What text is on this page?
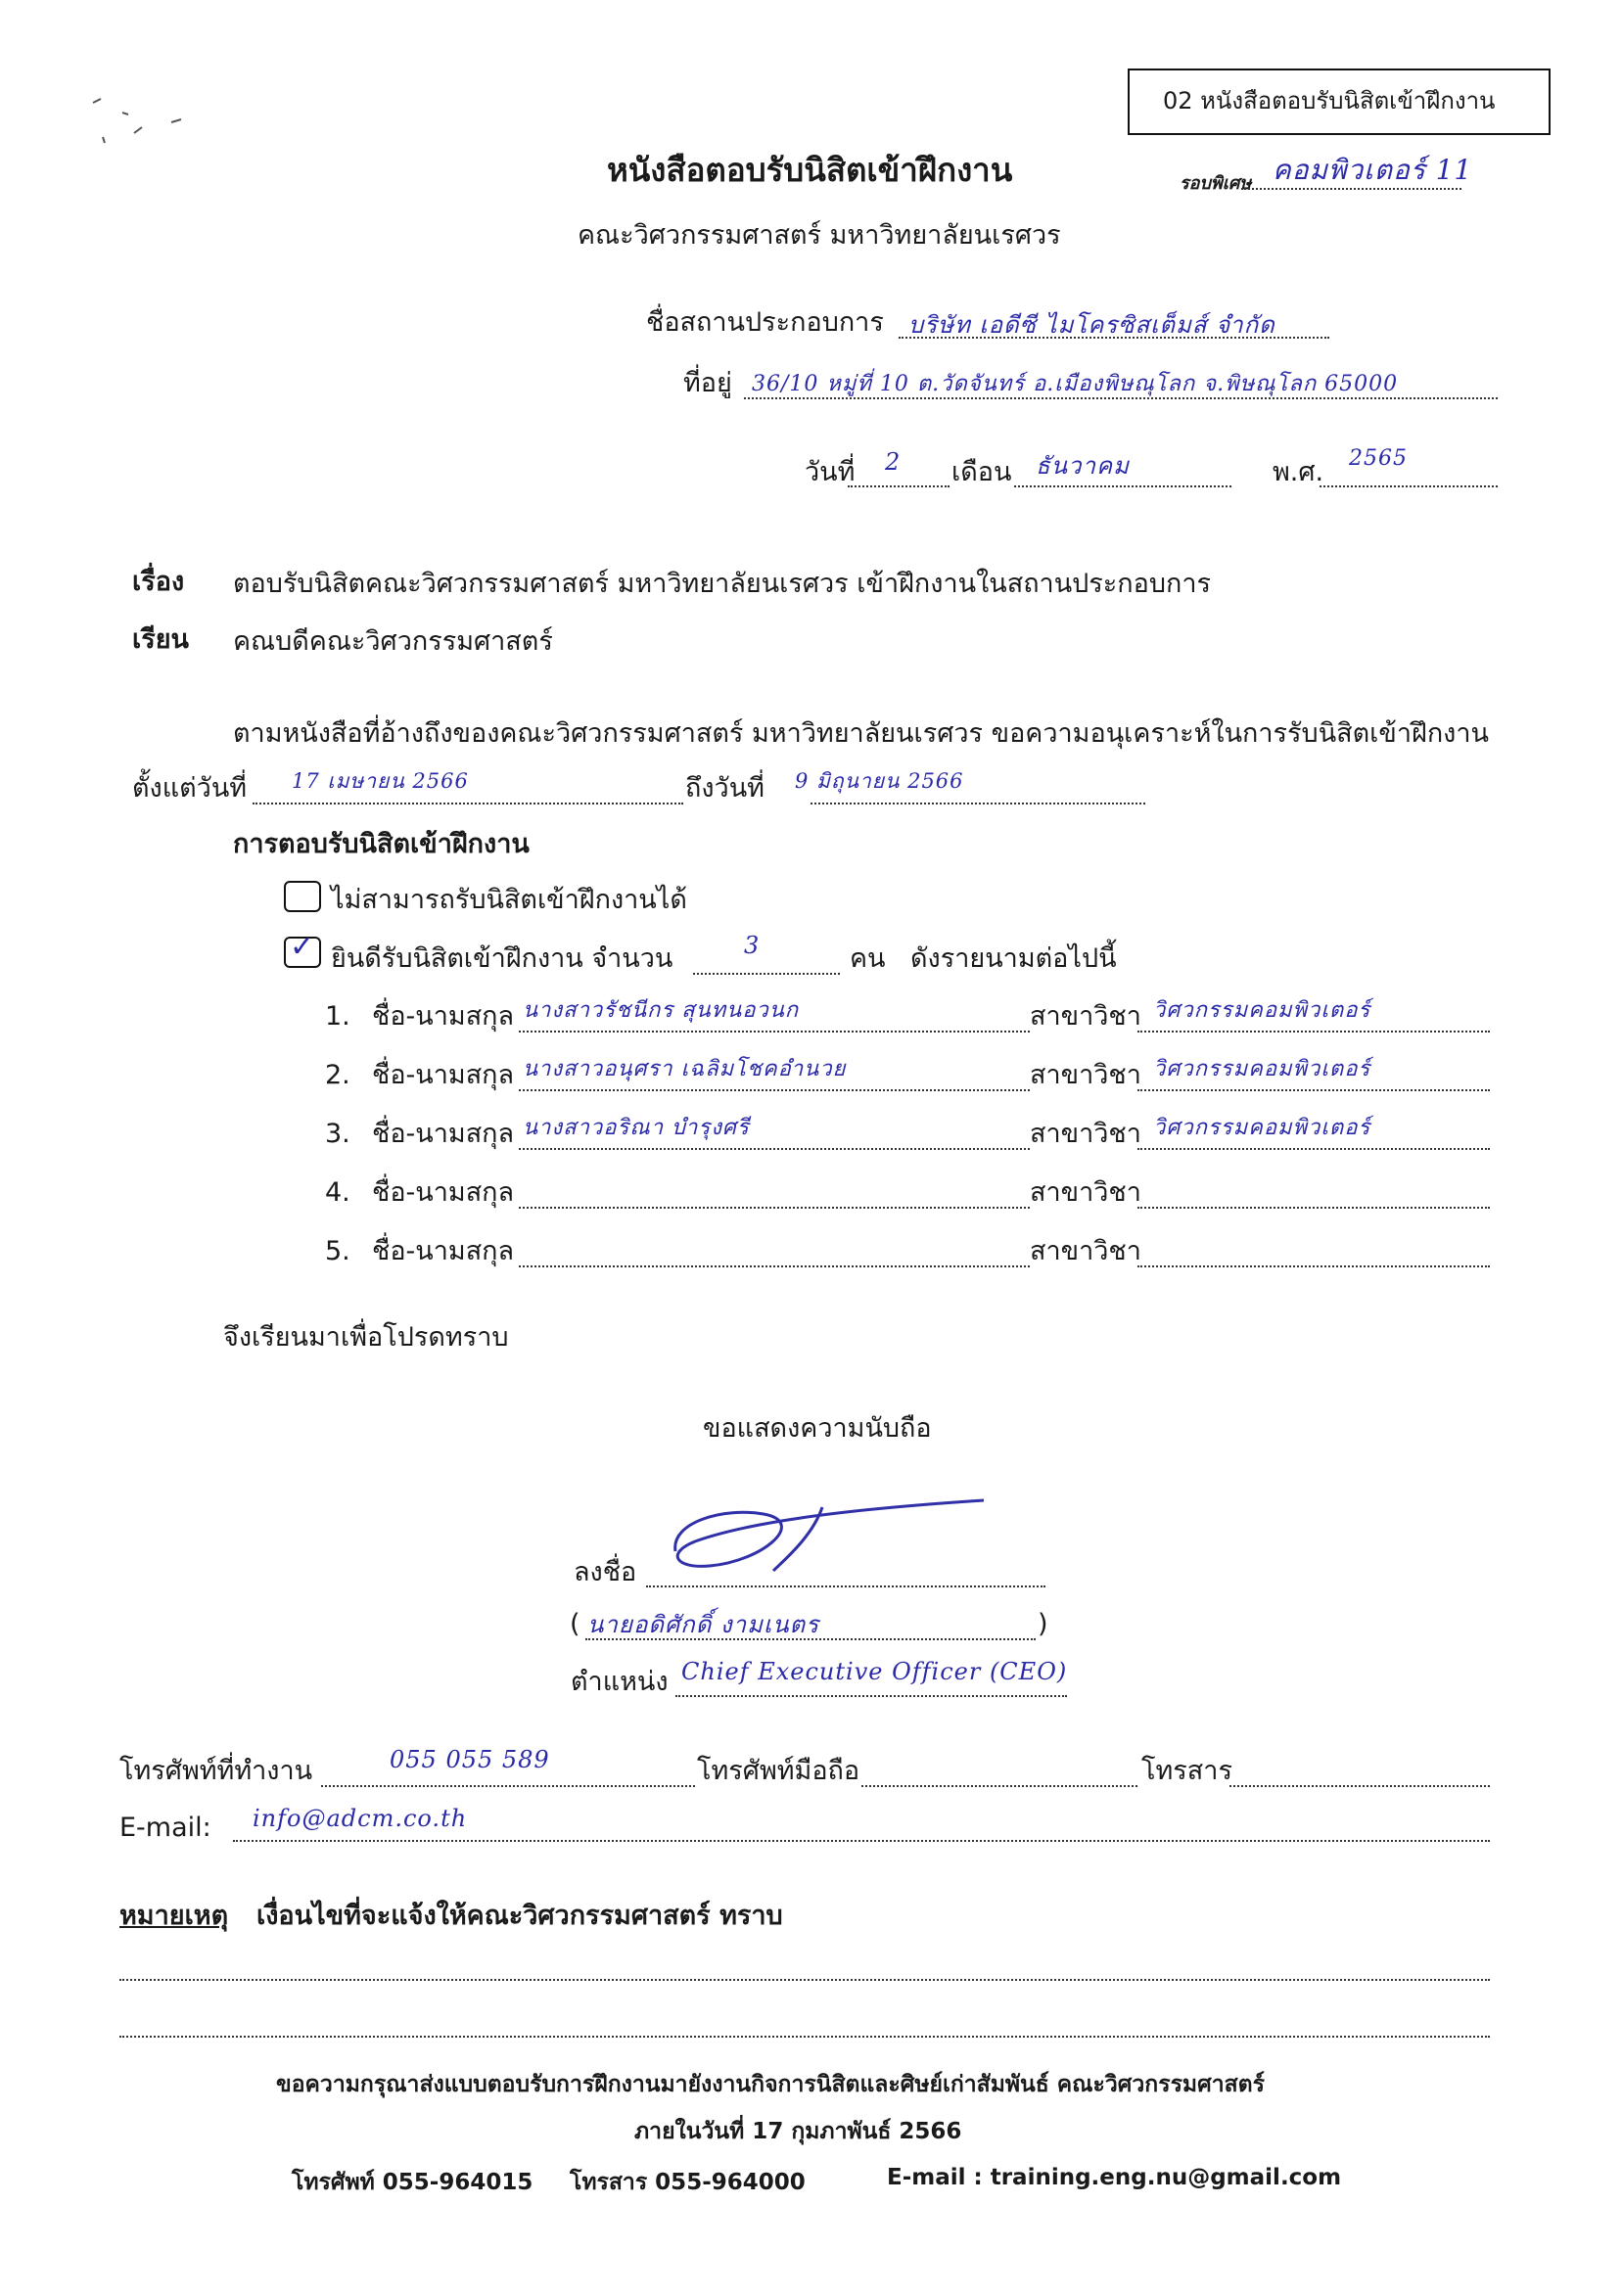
02 หนังสือตอบรับนิสิตเข้าฝึกงาน
หนังสือตอบรับนิสิตเข้าฝึกงาน	รอบพิเศษ คอมพิวเตอร์ 11
คณะวิศวกรรมศาสตร์ มหาวิทยาลัยนเรศวร
ชื่อสถานประกอบการ บริษัท เอดีซี ไมโครซิสเต็มส์ จำกัด
ที่อยู่ 36/10 หมู่ที่ 10 ต.วัดจันทร์ อ.เมืองพิษณุโลก จ.พิษณุโลก 65000
วันที่ 2 เดือน ธันวาคม	พ.ศ. 2565
เรื่อง ตอบรับนิสิตคณะวิศวกรรมศาสตร์ มหาวิทยาลัยนเรศวร เข้าฝึกงานในสถานประกอบการ
เรียน คณบดีคณะวิศวกรรมศาสตร์
ตามหนังสือที่อ้างถึงของคณะวิศวกรรมศาสตร์ มหาวิทยาลัยนเรศวร ขอความอนุเคราะห์ในการรับนิสิตเข้าฝึกงาน
ตั้งแต่วันที่ 17 เมษายน 2566	ถึงวันที่ 9 มิถุนายน 2566
การตอบรับนิสิตเข้าฝึกงาน
ไม่สามารถรับนิสิตเข้าฝึกงานได้
✓ ยินดีรับนิสิตเข้าฝึกงาน จำนวน	3	คน ดังรายนามต่อไปนี้
1. ชื่อ-นามสกุล นางสาวรัชนีกร สุนทนอวนก	สาขาวิชา วิศวกรรมคอมพิวเตอร์
2. ชื่อ-นามสกุล นางสาวอนุศรา เฉลิมโชคอำนวย	สาขาวิชา วิศวกรรมคอมพิวเตอร์
3. ชื่อ-นามสกุล นางสาวอริณา บำรุงศรี	สาขาวิชา วิศวกรรมคอมพิวเตอร์
4. ชื่อ-นามสกุล	สาขาวิชา
5. ชื่อ-นามสกุล	สาขาวิชา
จึงเรียนมาเพื่อโปรดทราบ
ขอแสดงความนับถือ
ลงชื่อ
( นายอดิศักดิ์ งามเนตร	)
ตำแหน่ง Chief Executive Officer (CEO)
โทรศัพท์ที่ทำงาน	055 055 589	โทรศัพท์มือถือ	โทรสาร
E-mail: info@adcm.co.th
หมายเหตุ เงื่อนไขที่จะแจ้งให้คณะวิศวกรรมศาสตร์ ทราบ
ขอความกรุณาส่งแบบตอบรับการฝึกงานมายังงานกิจการนิสิตและศิษย์เก่าสัมพันธ์ คณะวิศวกรรมศาสตร์
ภายในวันที่ 17 กุมภาพันธ์ 2566
โทรศัพท์ 055-964015 โทรสาร 055-964000	E-mail : training.eng.nu@gmail.com
